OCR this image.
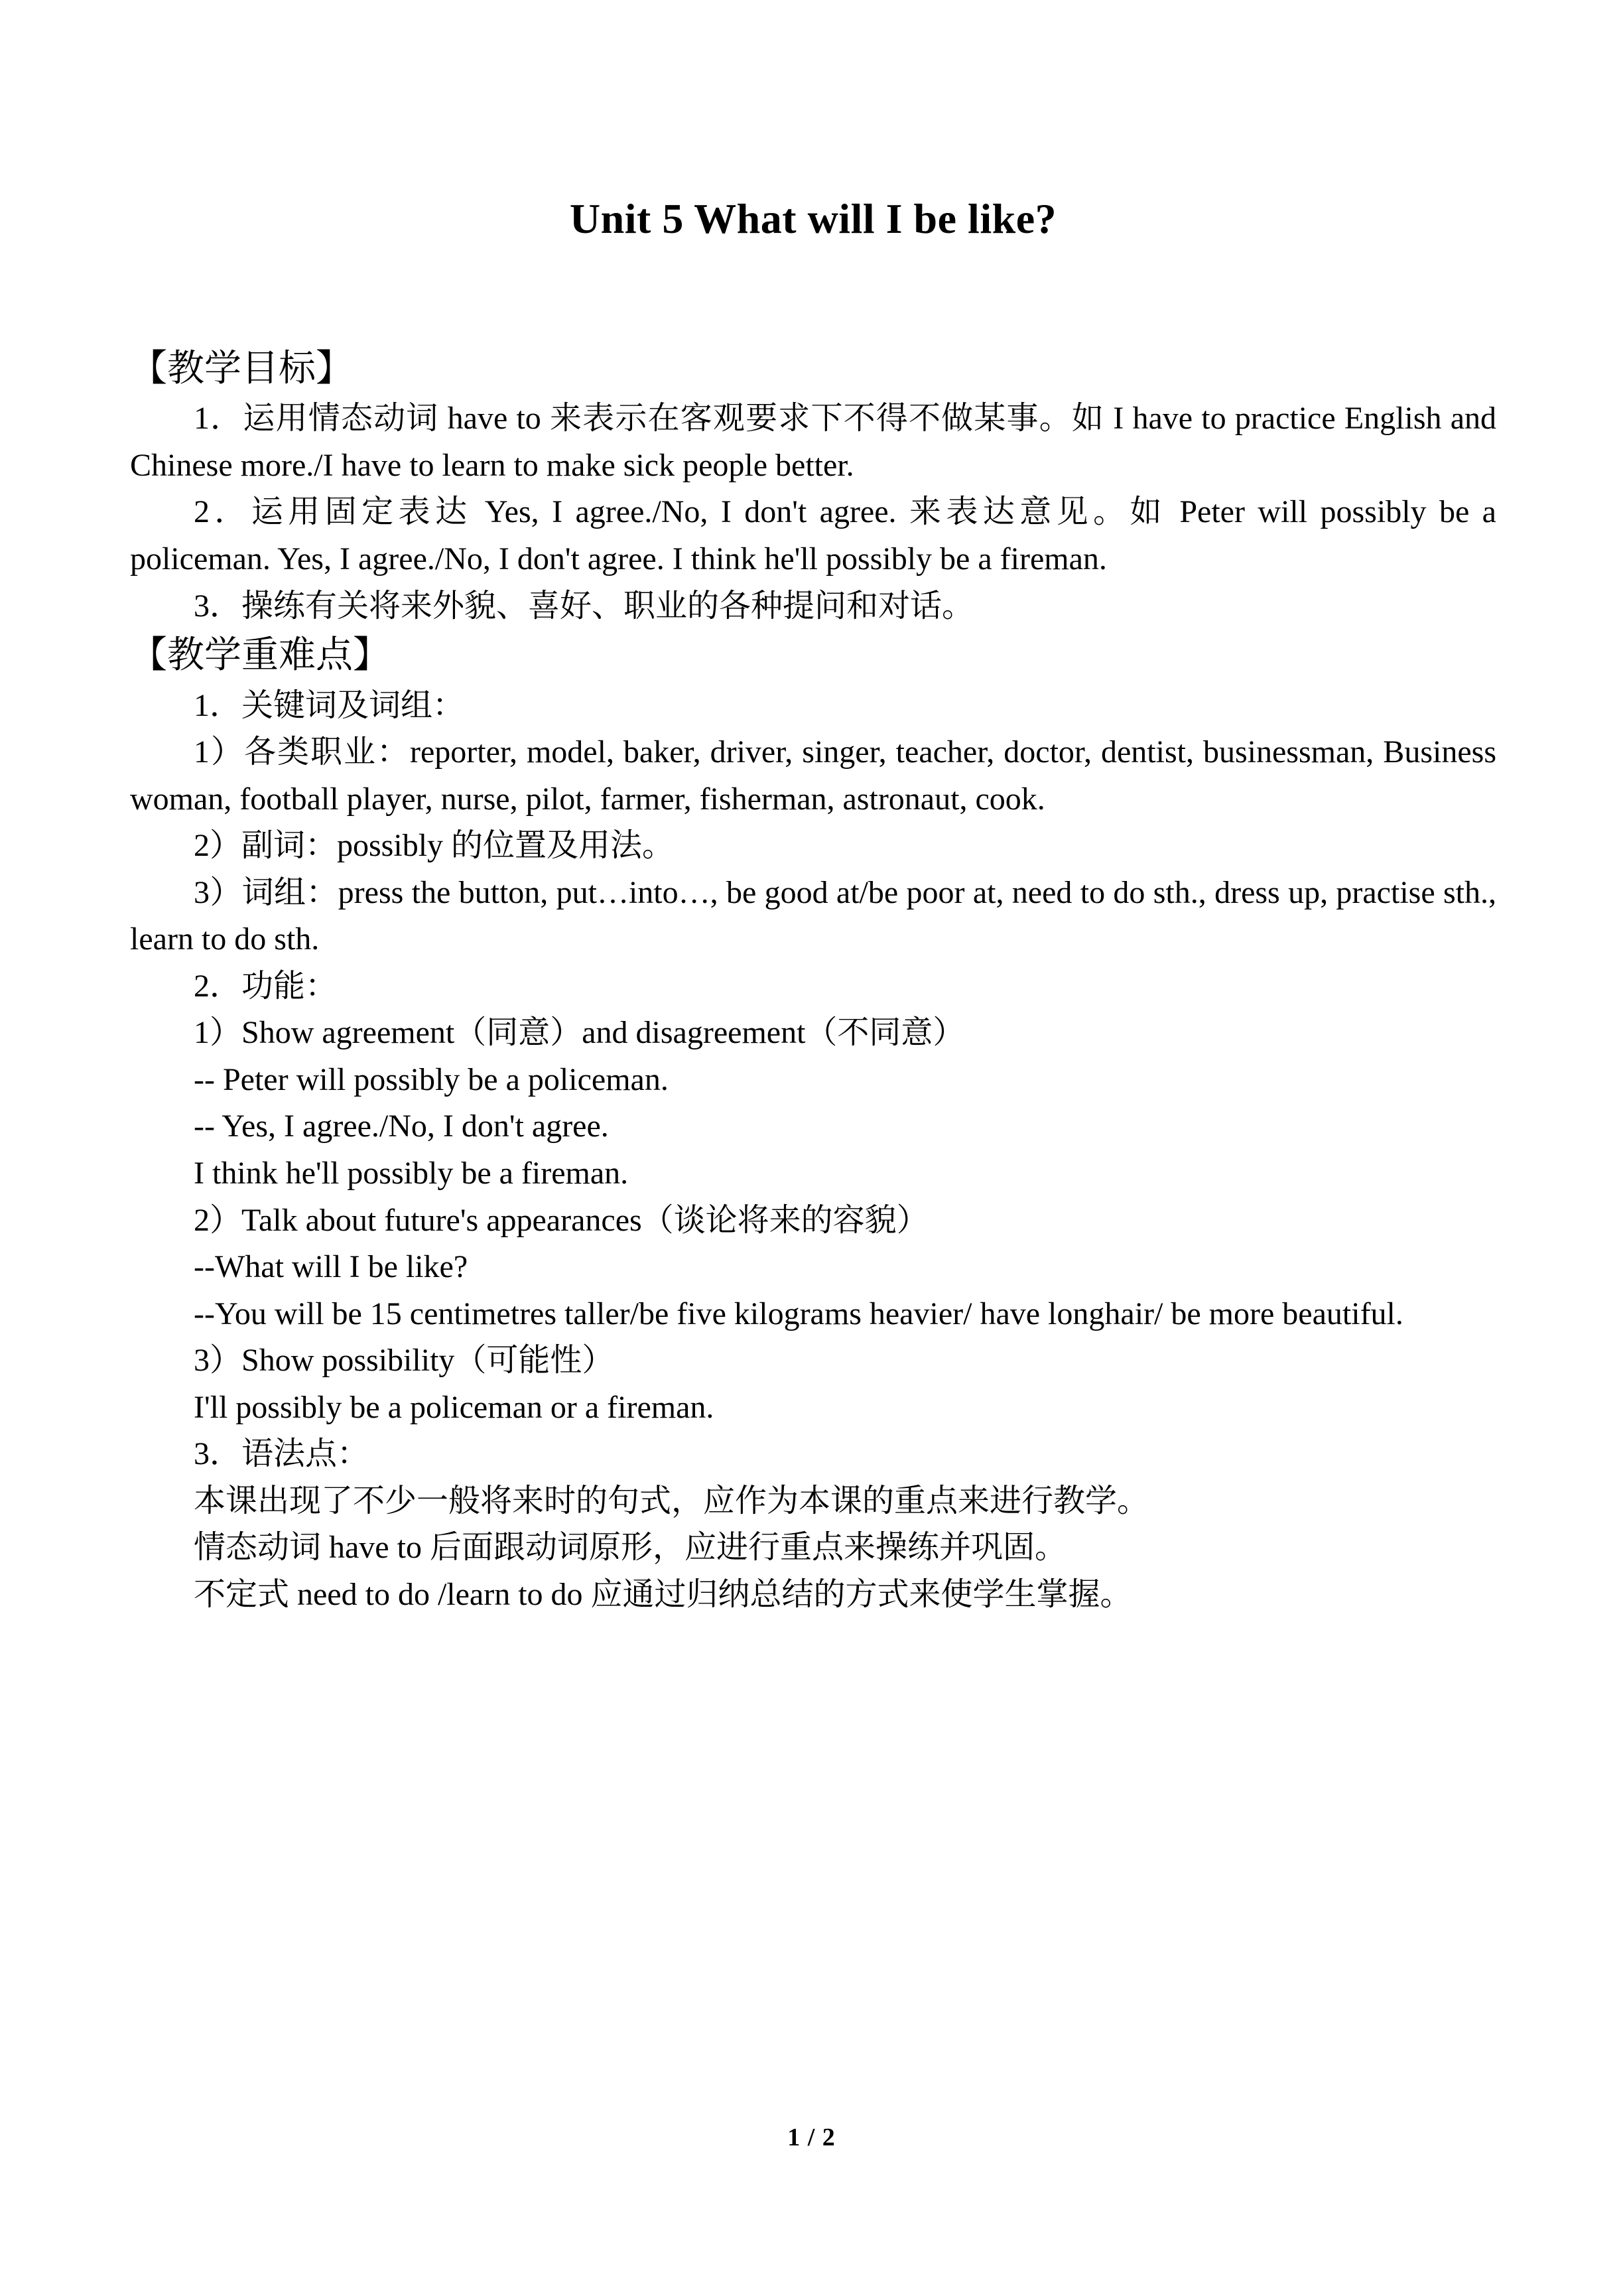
Unit 5 What will I be like?
【教学目标】

1．运用情态动词 have to 来表示在客观要求下不得不做某事。如 I have to practice English and Chinese more./I have to learn to make sick people better.

2．运用固定表达 Yes, I agree./No, I don't agree. 来表达意见。如 Peter will possibly be a policeman. Yes, I agree./No, I don't agree. I think he'll possibly be a fireman.

3．操练有关将来外貌、喜好、职业的各种提问和对话。

【教学重难点】

1．关键词及词组：

1）各类职业：reporter, model, baker, driver, singer, teacher, doctor, dentist, businessman, Business woman, football player, nurse, pilot, farmer, fisherman, astronaut, cook.

2）副词：possibly 的位置及用法。

3）词组：press the button, put…into…, be good at/be poor at, need to do sth., dress up, practise sth., learn to do sth.

2．功能：

1）Show agreement（同意）and disagreement（不同意）

-- Peter will possibly be a policeman.

-- Yes, I agree./No, I don't agree.

I think he'll possibly be a fireman.

2）Talk about future's appearances（谈论将来的容貌）

--What will I be like?

--You will be 15 centimetres taller/be five kilograms heavier/ have longhair/ be more beautiful.

3）Show possibility（可能性）

I'll possibly be a policeman or a fireman.

3．语法点：

本课出现了不少一般将来时的句式，应作为本课的重点来进行教学。

情态动词 have to 后面跟动词原形，应进行重点来操练并巩固。

不定式 need to do /learn to do 应通过归纳总结的方式来使学生掌握。

1 / 2
